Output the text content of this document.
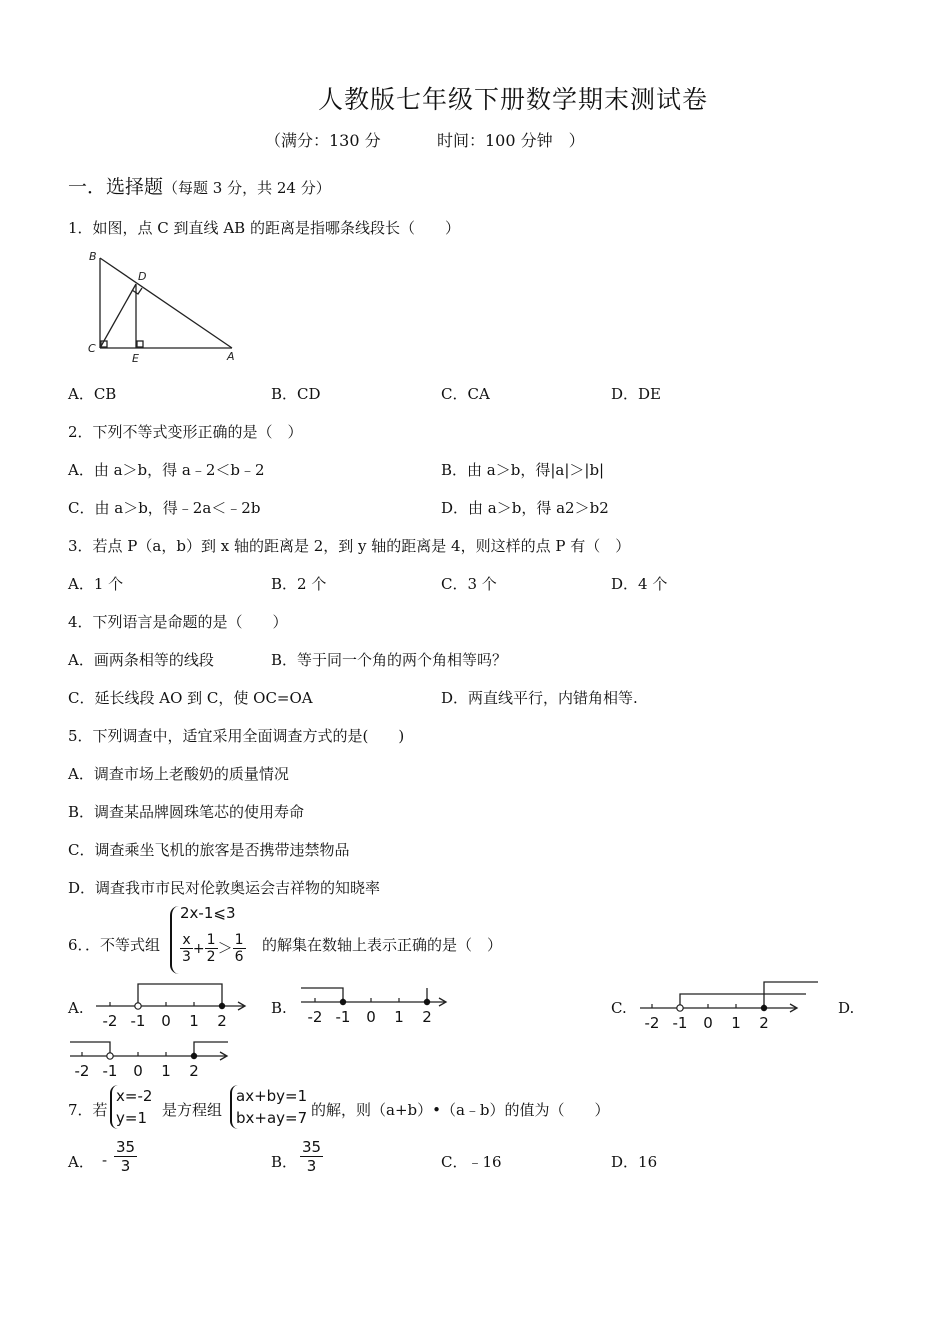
人教版七年级下册数学期末测试卷
（满分：130 分	时间：100 分钟　）
一．选择题（每题 3 分，共 24 分）
1．如图，点 C 到直线 AB 的距离是指哪条线段长（　　）
B
D
C
E	A
A．CB	B．CD	C．CA	D．DE
2．下列不等式变形正确的是（　）
A．由 a＞b，得 a﹣2＜b﹣2	B．由 a＞b，得|a|＞|b|
C．由 a＞b，得﹣2a＜﹣2b	D．由 a＞b，得 a2＞b2
3．若点 P（a，b）到 x 轴的距离是 2，到 y 轴的距离是 4，则这样的点 P 有（　）
A．1 个	B．2 个	C．3 个	D．4 个
4．下列语言是命题的是（　　）
A．画两条相等的线段	B．等于同一个角的两个角相等吗？
C．延长线段 AO 到 C，使 OC=OA	D．两直线平行，内错角相等.
5．下列调查中，适宜采用全面调查方式的是(　　)
A．调查市场上老酸奶的质量情况
B．调查某品牌圆珠笔芯的使用寿命
C．调查乘坐飞机的旅客是否携带违禁物品
D．调查我市市民对伦敦奥运会吉祥物的知晓率
6．．不等式组
2x-1⩽3
$\frac{x}{3} + \frac{1}{2} > \frac{1}{6}$ 的解集在数轴上表示正确的是（　）
A.	B.	C.	D.
-2 -1 0 1 2	-2 -1 0 1 2	-2 -1 0 1 2
-2 -1 0 1 2
7．若
x=-2
y=1	是方程组
ax+by=1
bx+ay=7 的解，则（a+b）•（a﹣b）的值为（　　）
A． - $\frac{35}{3}$	B． $\frac{35}{3}$	C．﹣16	D．16
